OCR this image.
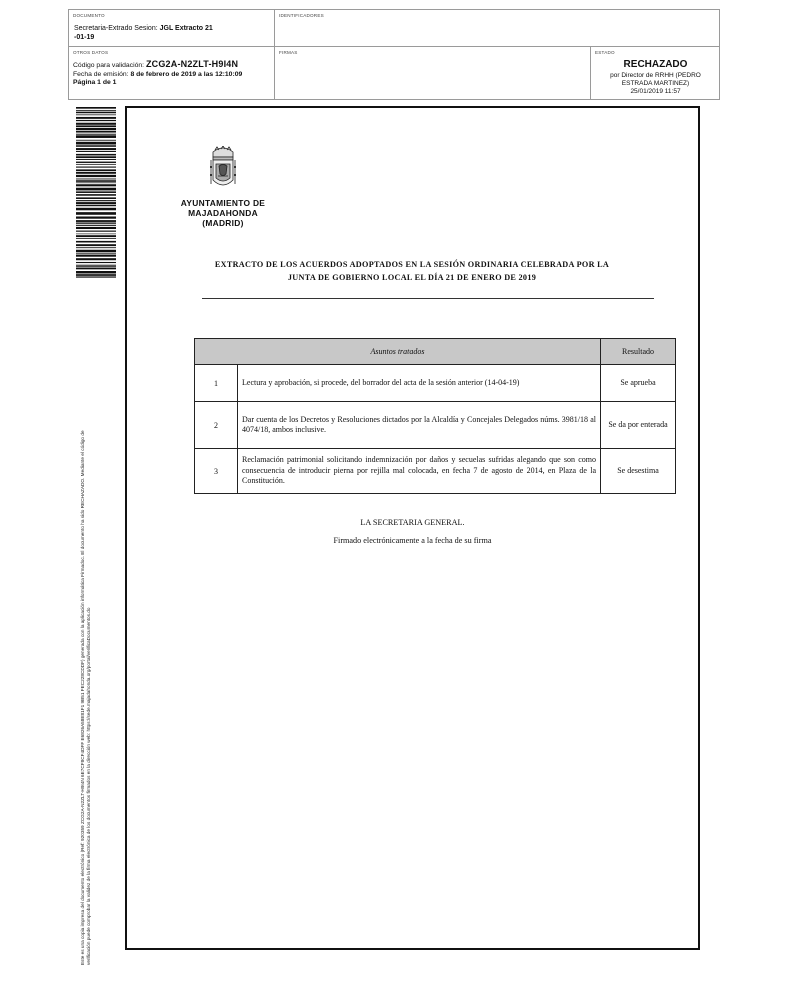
DOCUMENTO
Secretaria-Extrado Sesion: JGL Extracto 21
-01-19
IDENTIFICADORES
OTROS DATOS
Código para validación: ZCG2A-N2ZLT-H9I4N
Fecha de emisión: 8 de febrero de 2019 a las 12:10:09
Página 1 de 1
FIRMAS	ESTADO
RECHAZADO
por Director de RRHH (PEDRO
ESTRADA MARTINEZ)
25/01/2019 11:57
Este es una copia impresa del documento electrónico (Ref: 920359 ZCG2A-N2ZLT-H9I4N 6E7CF8CF4DFF E6826A58E81F1 9B51 FEC228CDDF) generada con la aplicación informática Firmadoc. El documento ha sido RECHAZADO. Mediante el código de verificación puede comprobar la validez de la firma electrónica de los documentos firmados en la dirección web: https://sede.majadahonda.org/portal/verificaDocumentos.do
AYUNTAMIENTO DE
MAJADAHONDA
(MADRID)
EXTRACTO DE LOS ACUERDOS ADOPTADOS EN LA SESIÓN ORDINARIA CELEBRADA POR LA
JUNTA DE GOBIERNO LOCAL EL DÍA 21 DE ENERO DE 2019
Asuntos tratados		Resultado
1	Lectura y aprobación, si procede, del borrador del acta de la sesión anterior (14-04-19)	Se aprueba
2	Dar cuenta de los Decretos y Resoluciones dictados por la Alcaldía y Concejales Delegados núms. 3981/18 al 4074/18, ambos inclusive.	Se da por enterada
3	Reclamación patrimonial solicitando indemnización por daños y secuelas sufridas alegando que son como consecuencia de introducir pierna por rejilla mal colocada, en fecha 7 de agosto de 2014, en Plaza de la Constitución.	Se desestima
LA SECRETARIA GENERAL.
Firmado electrónicamente a la fecha de su firma
